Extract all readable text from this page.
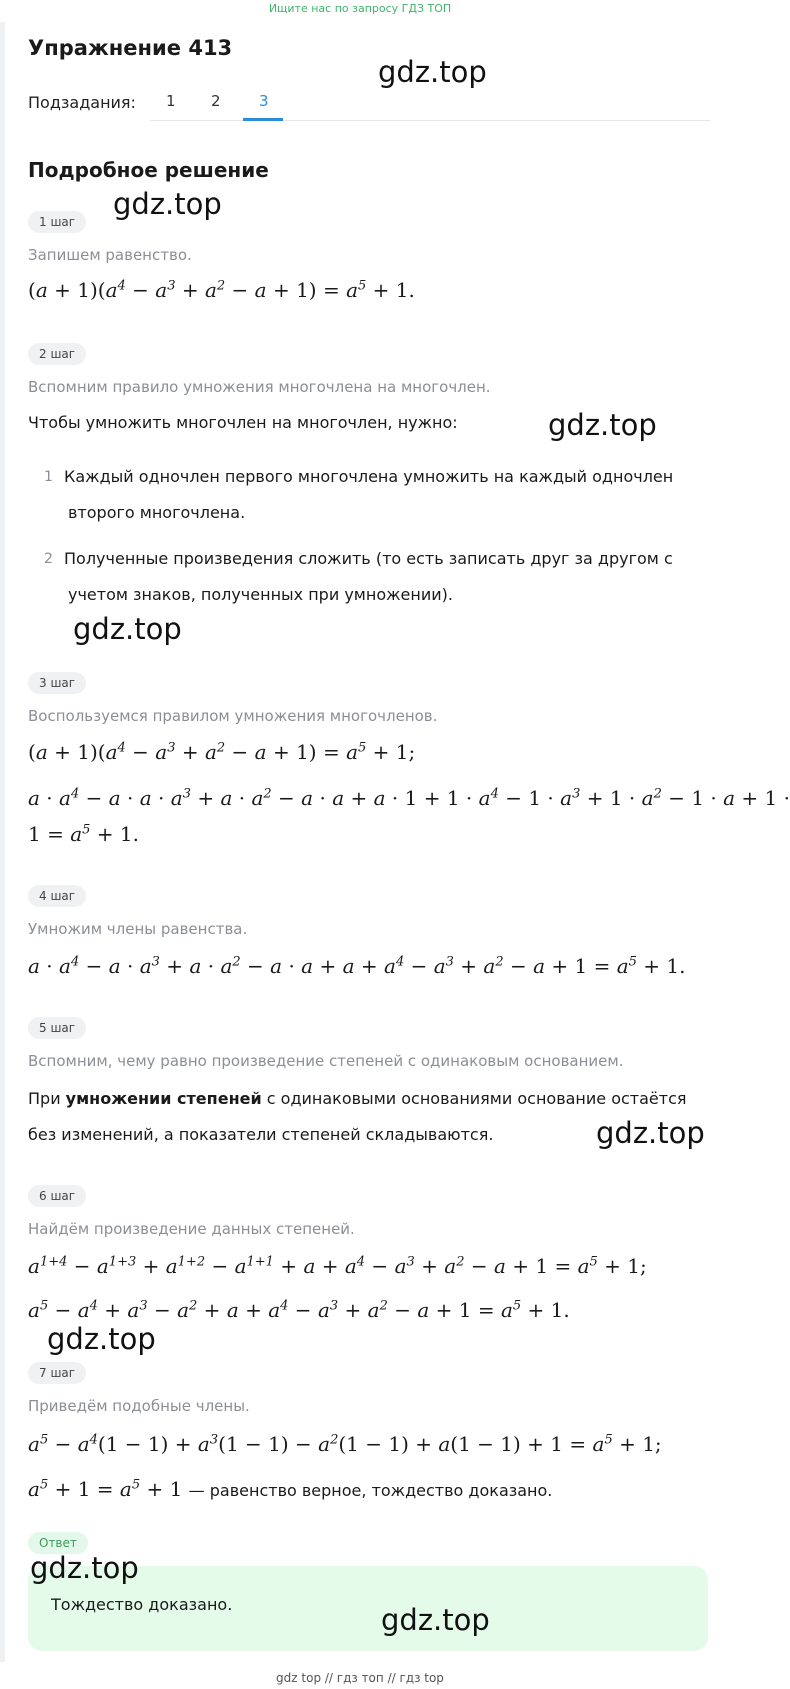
Ищите нас по запросу ГДЗ ТОП
Упражнение 413
Подзадания: 1 2	3
gdz.top
Подробное решение
gdz.top
1 шаг
Запишем равенство.
$(a + 1)(a^4 - a^3 + a^2 - a + 1) = a^5 + 1$.
2 шаг
Вспомним правило умножения многочлена на многочлен.
Чтобы умножить многочлен на многочлен, нужно:	gdz.top
1 Каждый одночлен первого многочлена умножить на каждый одночлен
второго многочлена.
2 Полученные произведения сложить (то есть записать друг за другом с
учетом знаков, полученных при умножении).
gdz.top
3 шаг
Воспользуемся правилом умножения многочленов.
$(a + 1)(a^4 - a^3 + a^2 - a + 1) = a^5 + 1$;
$a \cdot a^4 - a \cdot a \cdot a^3 + a \cdot a^2 - a \cdot a + a \cdot 1 + 1 \cdot a^4 - 1 \cdot a^3 + 1 \cdot a^2 - 1 \cdot a + 1$ ·
$1 = a^5 + 1$.
4 шаг
Умножим члены равенства.
$a \cdot a^4 - a \cdot a^3 + a \cdot a^2 - a \cdot a + a + a^4 - a^3 + a^2 - a + 1 = a^5 + 1$.
5 шаг
Вспомним, чему равно произведение степеней с одинаковым основанием.
При умножении степеней с одинаковыми основаниями основание остаётся
без изменений, а показатели степеней складываются.	gdz.top
6 шаг
Найдём произведение данных степеней.
$a^{1+4} - a^{1+3} + a^{1+2} - a^{1+1} + a + a^4 - a^3 + a^2 - a + 1 = a^5 + 1$;
$a^5 - a^4 + a^3 - a^2 + a + a^4 - a^3 + a^2 - a + 1 = a^5 + 1$.
gdz.top
7 шаг
Приведём подобные члены.
$a^5 - a^4(1 - 1) + a^3(1 - 1) - a^2(1 - 1) + a(1 - 1) + 1 = a^5 + 1$;
$a^5 + 1 = a^5 + 1$ — равенство верное, тождество доказано.
Ответ
Тождество доказано.
gdz.top
gdz.top
gdz top // гдз топ // гдз top
